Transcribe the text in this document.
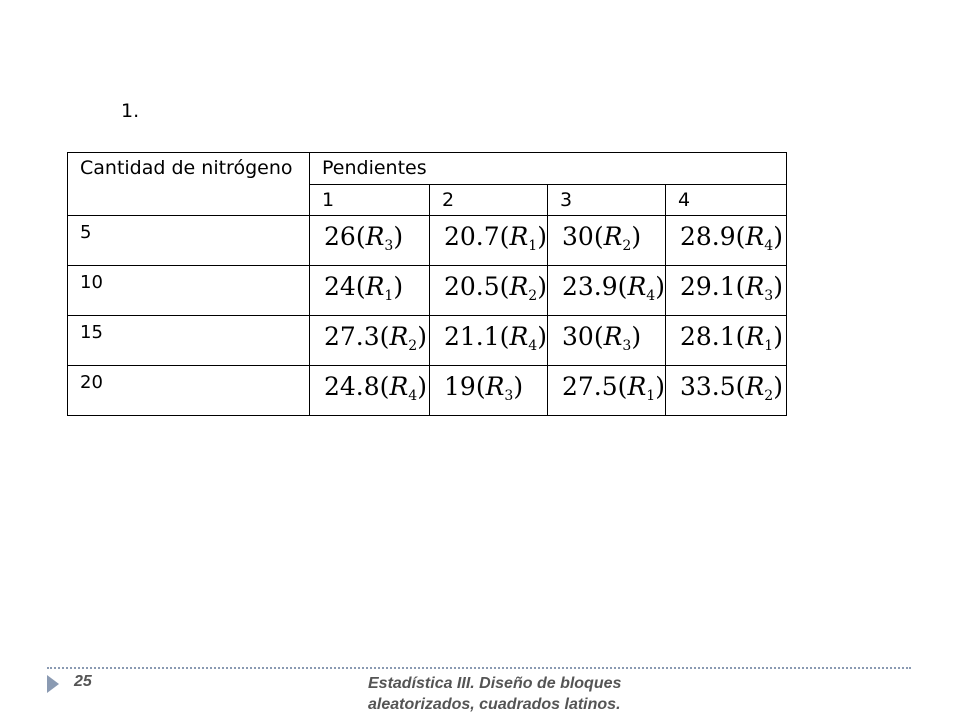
1.
Cantidad de nitrógeno	Pendientes			
	1	2	3	4
5	$26(R_3)$	$20.7(R_1)$	$30(R_2)$	$28.9(R_4)$
10	$24(R_1)$	$20.5(R_2)$	$23.9(R_4)$	$29.1(R_3)$
15	$27.3(R_2)$	$21.1(R_4)$	$30(R_3)$	$28.1(R_1)$
20	$24.8(R_4)$	$19(R_3)$	$27.5(R_1)$	$33.5(R_2)$
25	Estadística III. Diseño de bloques aleatorizados, cuadrados latinos.
